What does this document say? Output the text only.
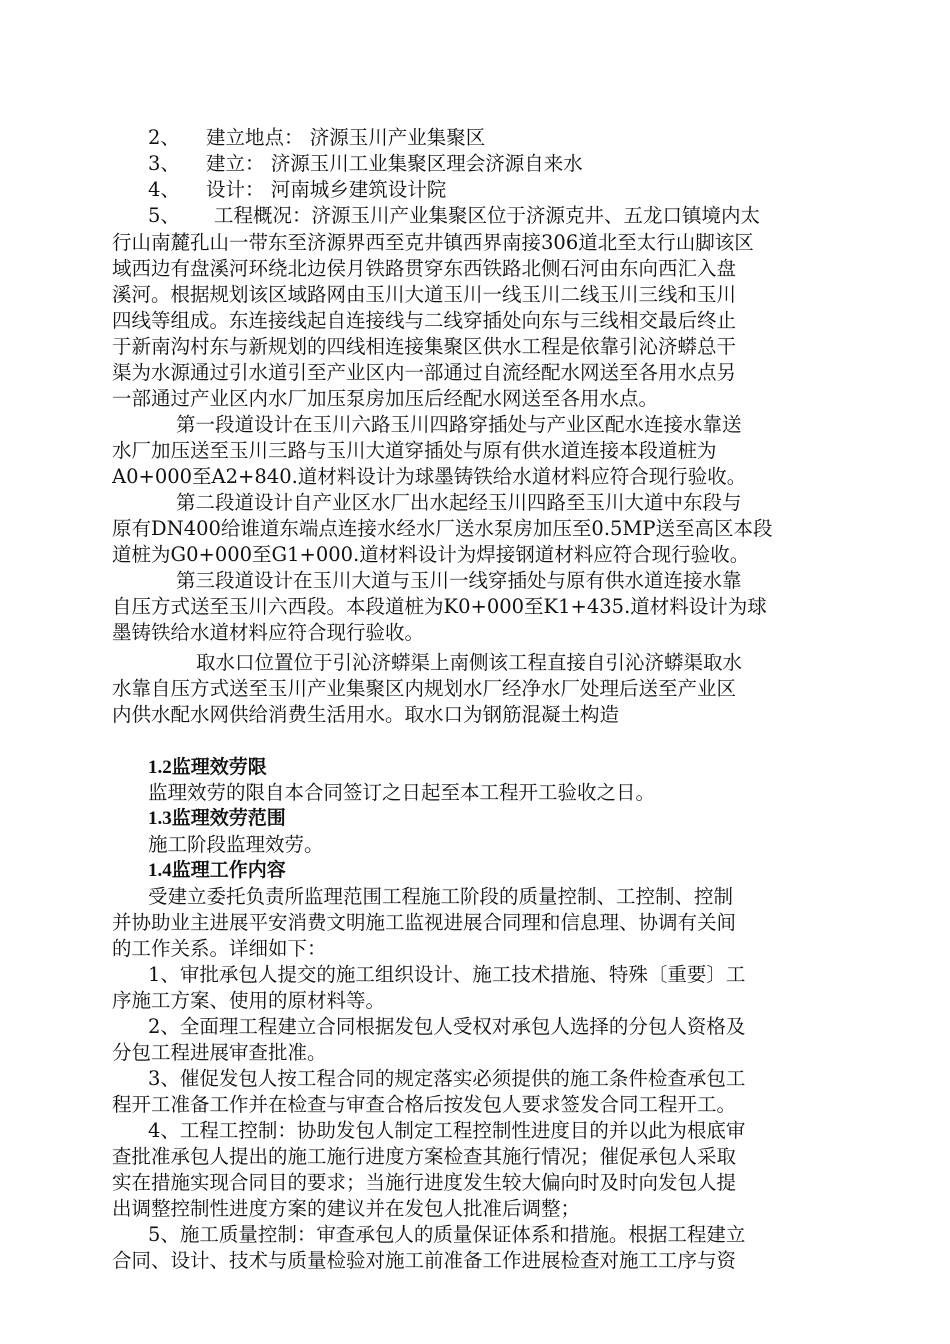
2、 建立地点： 济源玉川产业集聚区

3、 建立： 济源玉川工业集聚区理会济源自来水

4、 设计： 河南城乡建筑设计院

5、 工程概况：济源玉川产业集聚区位于济源克井、五龙口镇境内太

行山南麓孔山一带东至济源界西至克井镇西界南接306道北至太行山脚该区

域西边有盘溪河环绕北边侯月铁路贯穿东西铁路北侧石河由东向西汇入盘

溪河。根据规划该区域路网由玉川大道玉川一线玉川二线玉川三线和玉川

四线等组成。东连接线起自连接线与二线穿插处向东与三线相交最后终止

于新南沟村东与新规划的四线相连接集聚区供水工程是依靠引沁济蟒总干

渠为水源通过引水道引至产业区内一部通过自流经配水网送至各用水点另

一部通过产业区内水厂加压泵房加压后经配水网送至各用水点。

第一段道设计在玉川六路玉川四路穿插处与产业区配水连接水靠送

水厂加压送至玉川三路与玉川大道穿插处与原有供水道连接本段道桩为

A0+000至A2+840.道材料设计为球墨铸铁给水道材料应符合现行验收。

第二段道设计自产业区水厂出水起经玉川四路至玉川大道中东段与

原有DN400给谁道东端点连接水经水厂送水泵房加压至0.5MP送至高区本段

道桩为G0+000至G1+000.道材料设计为焊接钢道材料应符合现行验收。

第三段道设计在玉川大道与玉川一线穿插处与原有供水道连接水靠

自压方式送至玉川六西段。本段道桩为K0+000至K1+435.道材料设计为球

墨铸铁给水道材料应符合现行验收。

取水口位置位于引沁济蟒渠上南侧该工程直接自引沁济蟒渠取水

水靠自压方式送至玉川产业集聚区内规划水厂经净水厂处理后送至产业区

内供水配水网供给消费生活用水。取水口为钢筋混凝土构造

1.2监理效劳限

监理效劳的限自本合同签订之日起至本工程开工验收之日。

1.3监理效劳范围

施工阶段监理效劳。

1.4监理工作内容

受建立委托负责所监理范围工程施工阶段的质量控制、工控制、控制

并协助业主进展平安消费文明施工监视进展合同理和信息理、协调有关间

的工作关系。详细如下：

1、审批承包人提交的施工组织设计、施工技术措施、特殊〔重要〕工

序施工方案、使用的原材料等。

2、全面理工程建立合同根据发包人受权对承包人选择的分包人资格及

分包工程进展审查批准。

3、催促发包人按工程合同的规定落实必须提供的施工条件检查承包工

程开工准备工作并在检查与审查合格后按发包人要求签发合同工程开工。

4、工程工控制：协助发包人制定工程控制性进度目的并以此为根底审

查批准承包人提出的施工施行进度方案检查其施行情况；催促承包人采取

实在措施实现合同目的要求；当施行进度发生较大偏向时及时向发包人提

出调整控制性进度方案的建议并在发包人批准后调整；

5、施工质量控制：审查承包人的质量保证体系和措施。根据工程建立

合同、设计、技术与质量检验对施工前准备工作进展检查对施工工序与资
